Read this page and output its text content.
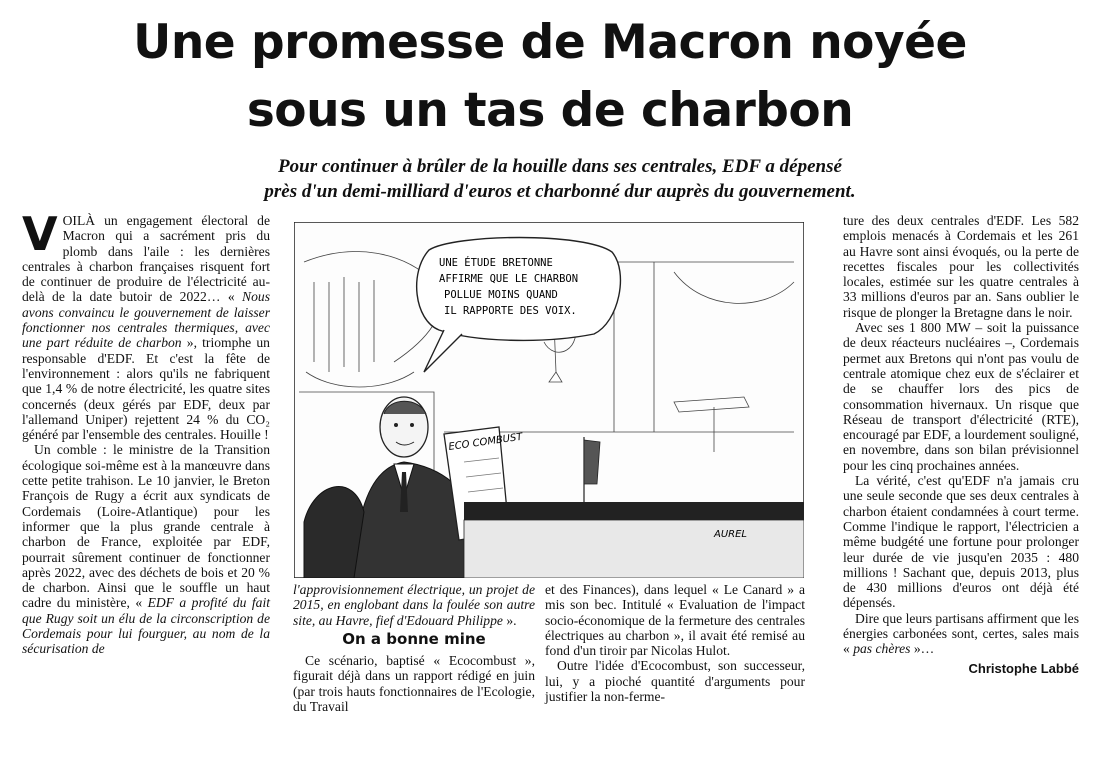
Une promesse de Macron noyée
sous un tas de charbon
Pour continuer à brûler de la houille dans ses centrales, EDF a dépensé
près d'un demi-milliard d'euros et charbonné dur auprès du gouvernement.

VOILÀ un engagement électoral de Macron qui a sacrément pris du plomb dans l'aile : les dernières centrales à charbon françaises risquent fort de continuer de produire de l'électricité au-delà de la date butoir de 2022… « Nous avons convaincu le gouvernement de laisser fonctionner nos centrales thermiques, avec une part réduite de charbon », triomphe un responsable d'EDF. Et c'est la fête de l'environnement : alors qu'ils ne fabriquent que 1,4 % de notre électricité, les quatre sites concernés (deux gérés par EDF, deux par l'allemand Uniper) rejettent 24 % du CO₂ généré par l'ensemble des centrales. Houille !

Un comble : le ministre de la Transition écologique soi-même est à la manœuvre dans cette petite trahison. Le 10 janvier, le Breton François de Rugy a écrit aux syndicats de Cordemais (Loire-Atlantique) pour les informer que la plus grande centrale à charbon de France, exploitée par EDF, pourrait sûrement continuer de fonctionner après 2022, avec des déchets de bois et 20 % de charbon. Ainsi que le souffle un haut cadre du ministère, « EDF a profité du fait que Rugy soit un élu de la circonscription de Cordemais pour lui fourguer, au nom de la sécurisation de

UNE ÉTUDE BRETONNE
AFFIRME QUE LE CHARBON
POLLUE MOINS QUAND
IL RAPPORTE DES VOIX.
ECO COMBUST
AUREL

l'approvisionnement électrique, un projet de 2015, en englobant dans la foulée son autre site, au Havre, fief d'Edouard Philippe ».

On a bonne mine

Ce scénario, baptisé « Ecocombust », figurait déjà dans un rapport rédigé en juin (par trois hauts fonctionnaires de l'Ecologie, du Travail

et des Finances), dans lequel « Le Canard » a mis son bec. Intitulé « Evaluation de l'impact socio-économique de la fermeture des centrales électriques au charbon », il avait été remisé au fond d'un tiroir par Nicolas Hulot.

Outre l'idée d'Ecocombust, son successeur, lui, y a pioché quantité d'arguments pour justifier la non-ferme-

ture des deux centrales d'EDF. Les 582 emplois menacés à Cordemais et les 261 au Havre sont ainsi évoqués, ou la perte de recettes fiscales pour les collectivités locales, estimée sur les quatre centrales à 33 millions d'euros par an. Sans oublier le risque de plonger la Bretagne dans le noir.

Avec ses 1 800 MW – soit la puissance de deux réacteurs nucléaires –, Cordemais permet aux Bretons qui n'ont pas voulu de centrale atomique chez eux de s'éclairer et de se chauffer lors des pics de consommation hivernaux. Un risque que Réseau de transport d'électricité (RTE), encouragé par EDF, a lourdement souligné, en novembre, dans son bilan prévisionnel pour les cinq prochaines années.

La vérité, c'est qu'EDF n'a jamais cru une seule seconde que ses deux centrales à charbon étaient condamnées à court terme. Comme l'indique le rapport, l'électricien a même budgété une fortune pour prolonger leur durée de vie jusqu'en 2035 : 480 millions ! Sachant que, depuis 2013, plus de 430 millions d'euros ont déjà été dépensés.

Dire que leurs partisans affirment que les énergies carbonées sont, certes, sales mais « pas chères »…

Christophe Labbé
